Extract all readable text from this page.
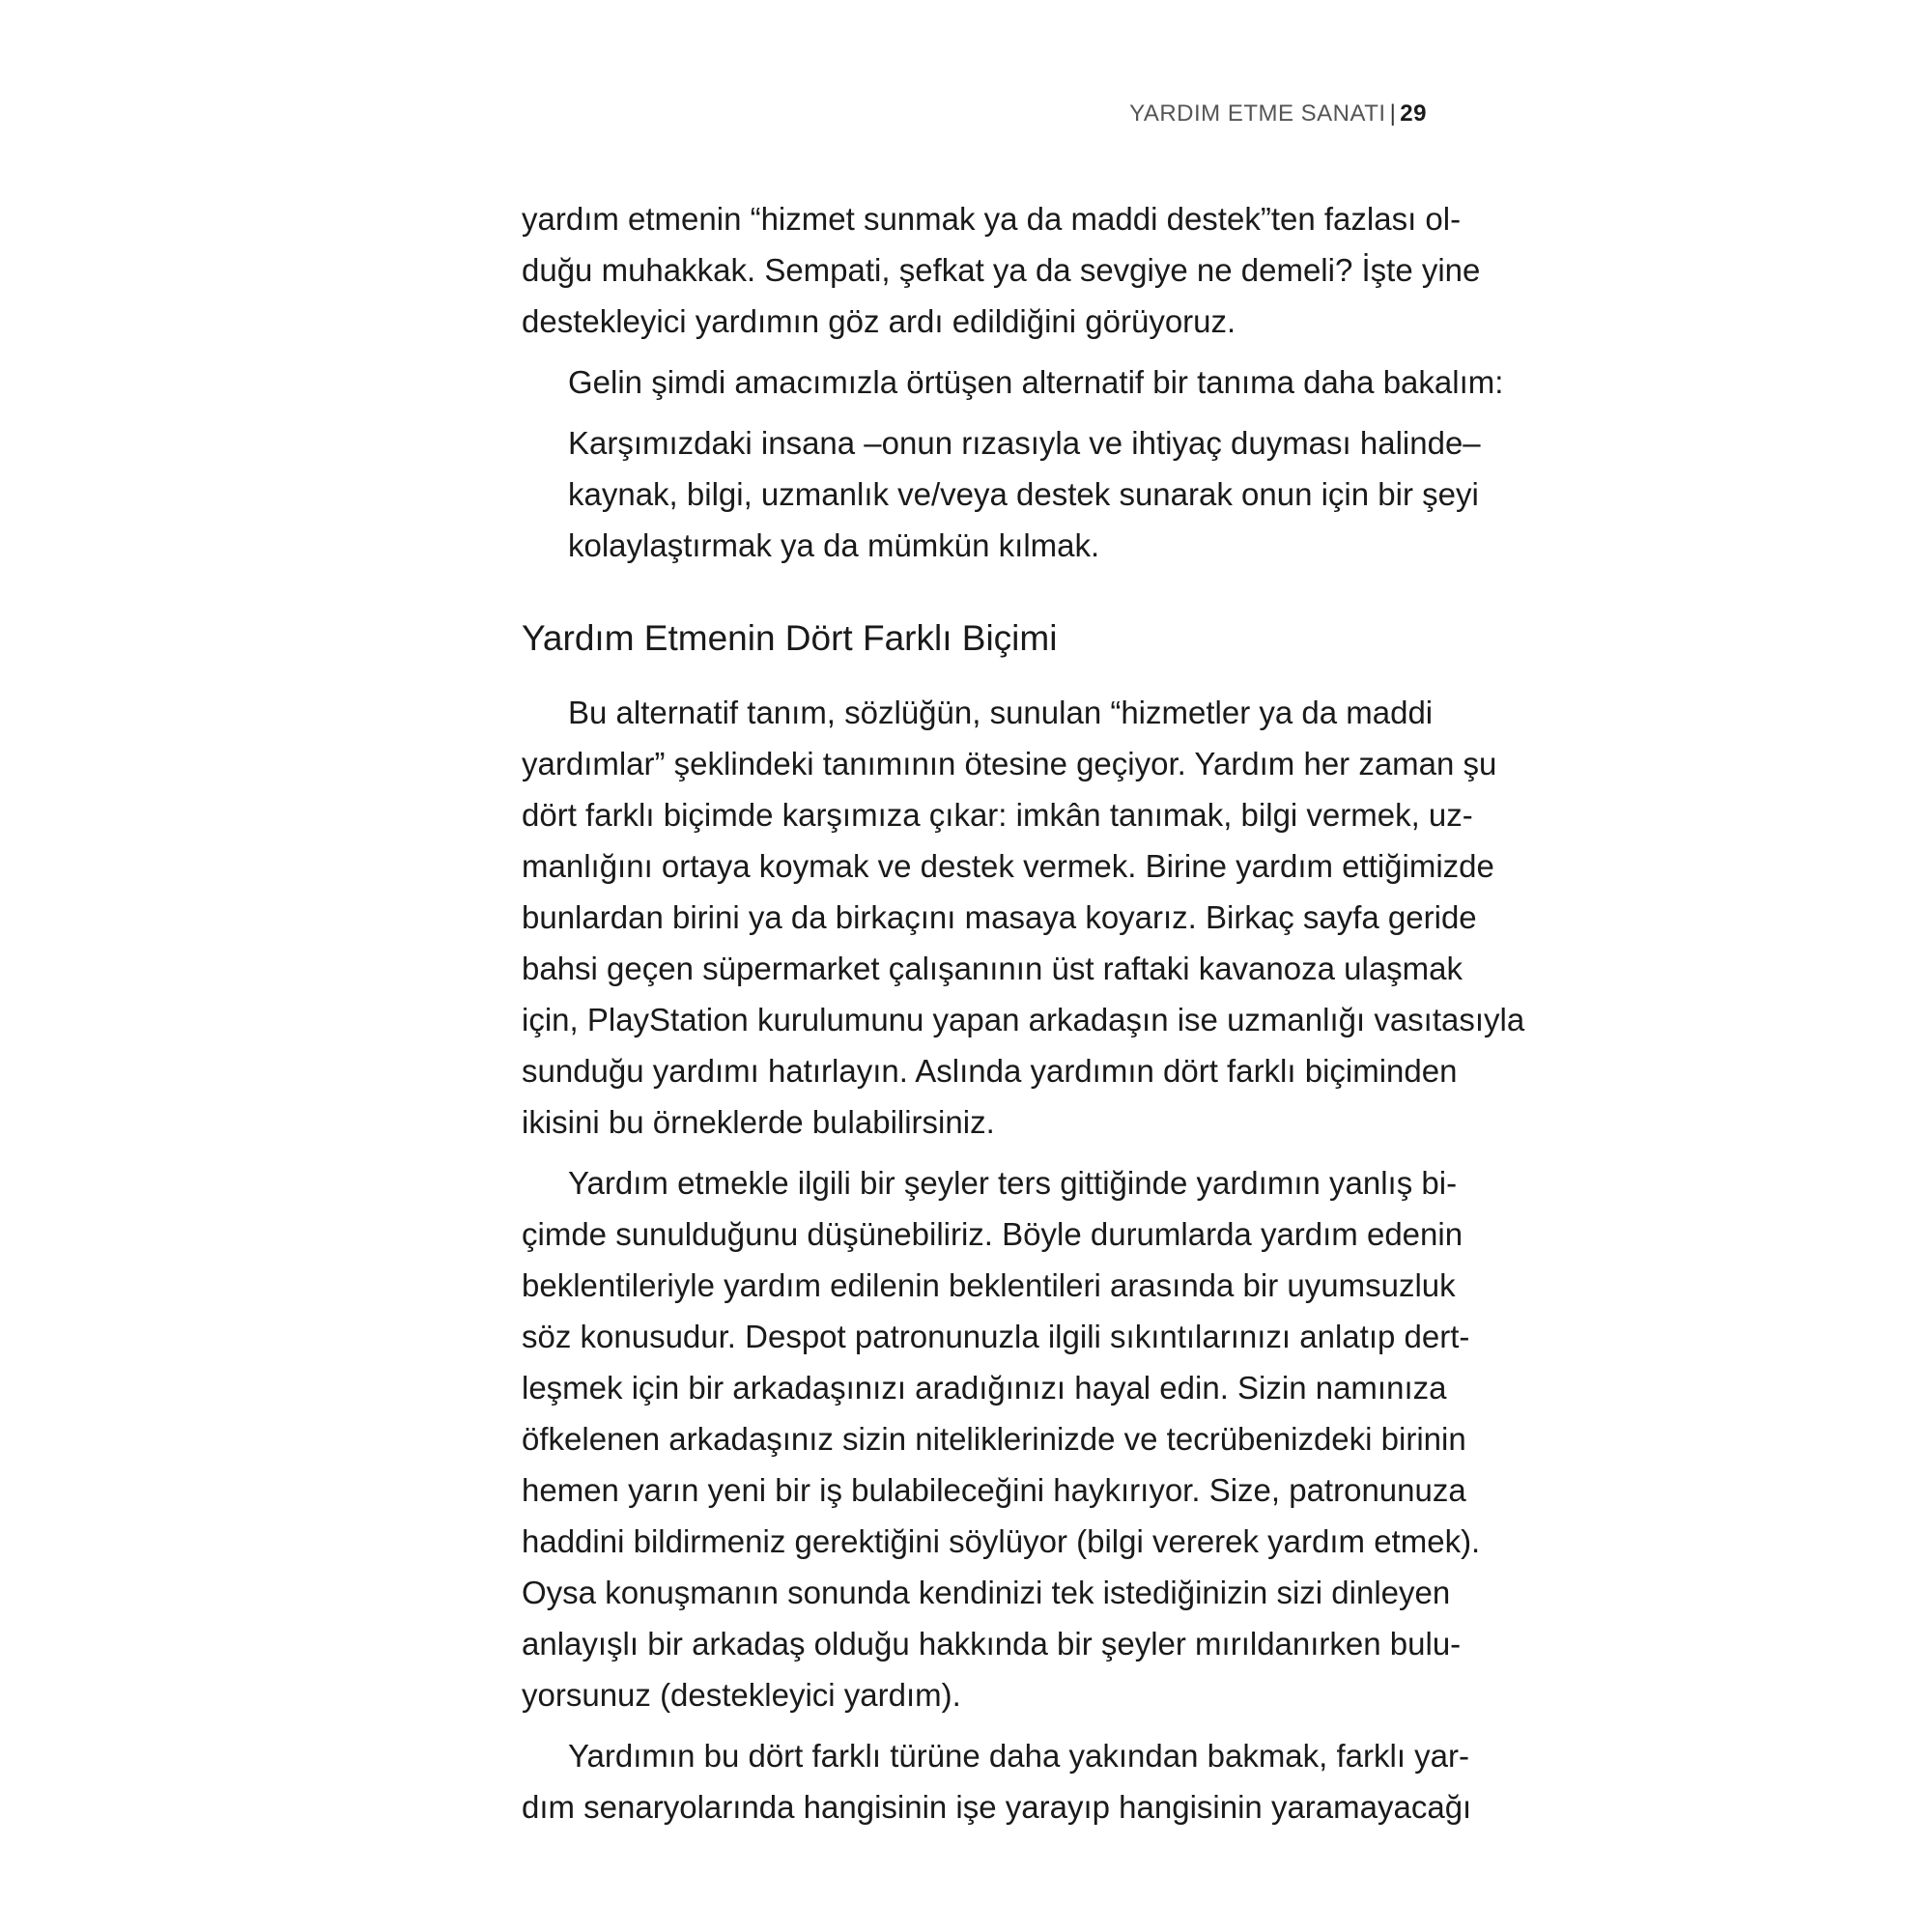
YARDIM ETME SANATI | 29
yardım etmenin “hizmet sunmak ya da maddi destek”ten fazlası ol-
duğu muhakkak. Sempati, şefkat ya da sevgiye ne demeli? İşte yine
destekleyici yardımın göz ardı edildiğini görüyoruz.
Gelin şimdi amacımızla örtüşen alternatif bir tanıma daha bakalım:
Karşımızdaki insana –onun rızasıyla ve ihtiyaç duyması halinde–
kaynak, bilgi, uzmanlık ve/veya destek sunarak onun için bir şeyi
kolaylaştırmak ya da mümkün kılmak.
Yardım Etmenin Dört Farklı Biçimi
Bu alternatif tanım, sözlüğün, sunulan “hizmetler ya da maddi
yardımlar” şeklindeki tanımının ötesine geçiyor. Yardım her zaman şu
dört farklı biçimde karşımıza çıkar: imkân tanımak, bilgi vermek, uz-
manlığını ortaya koymak ve destek vermek. Birine yardım ettiğimizde
bunlardan birini ya da birkaçını masaya koyarız. Birkaç sayfa geride
bahsi geçen süpermarket çalışanının üst raftaki kavanoza ulaşmak
için, PlayStation kurulumunu yapan arkadaşın ise uzmanlığı vasıtasıyla
sunduğu yardımı hatırlayın. Aslında yardımın dört farklı biçiminden
ikisini bu örneklerde bulabilirsiniz.
Yardım etmekle ilgili bir şeyler ters gittiğinde yardımın yanlış bi-
çimde sunulduğunu düşünebiliriz. Böyle durumlarda yardım edenin
beklentileriyle yardım edilenin beklentileri arasında bir uyumsuzluk
söz konusudur. Despot patronunuzla ilgili sıkıntılarınızı anlatıp dert-
leşmek için bir arkadaşınızı aradığınızı hayal edin. Sizin namınıza
öfkelenen arkadaşınız sizin niteliklerinizde ve tecrübenizdeki birinin
hemen yarın yeni bir iş bulabileceğini haykırıyor. Size, patronunuza
haddini bildirmeniz gerektiğini söylüyor (bilgi vererek yardım etmek).
Oysa konuşmanın sonunda kendinizi tek istediğinizin sizi dinleyen
anlayışlı bir arkadaş olduğu hakkında bir şeyler mırıldanırken bulu-
yorsunuz (destekleyici yardım).
Yardımın bu dört farklı türüne daha yakından bakmak, farklı yar-
dım senaryolarında hangisinin işe yarayıp hangisinin yaramayacağı
